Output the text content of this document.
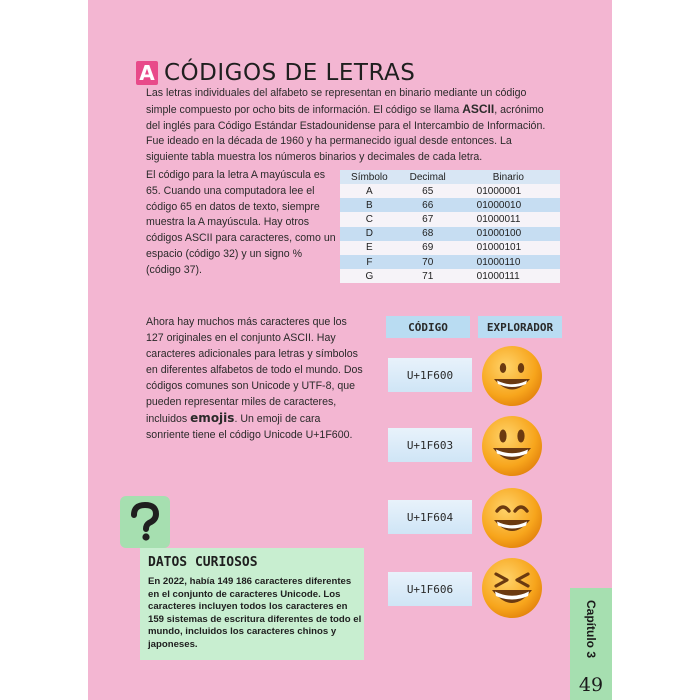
Capítulo 3
49
A CÓDIGOS DE LETRAS

Las letras individuales del alfabeto se representan en binario mediante un código simple compuesto por ocho bits de información. El código se llama ASCII, acrónimo del inglés para Código Estándar Estadounidense para el Intercambio de Información. Fue ideado en la década de 1960 y ha permanecido igual desde entonces. La siguiente tabla muestra los números binarios y decimales de cada letra.

El código para la letra A mayúscula es 65. Cuando una computadora lee el código 65 en datos de texto, siempre muestra la A mayúscula. Hay otros códigos ASCII para caracteres, como un espacio (código 32) y un signo % (código 37).

Símbolo	Decimal	Binario
A	65	01000001
B	66	01000010
C	67	01000011
D	68	01000100
E	69	01000101
F	70	01000110
G	71	01000111

Ahora hay muchos más caracteres que los 127 originales en el conjunto ASCII. Hay caracteres adicionales para letras y símbolos en diferentes alfabetos de todo el mundo. Dos códigos comunes son Unicode y UTF-8, que pueden representar miles de caracteres, incluidos emojis. Un emoji de cara sonriente tiene el código Unicode U+1F600.

CÓDIGO	EXPLORADOR
U+1F600
U+1F603
U+1F604
U+1F606
DATOS CURIOSOS

En 2022, había 149 186 caracteres diferentes en el conjunto de caracteres Unicode. Los caracteres incluyen todos los caracteres en 159 sistemas de escritura diferentes de todo el mundo, incluidos los caracteres chinos y japoneses.
